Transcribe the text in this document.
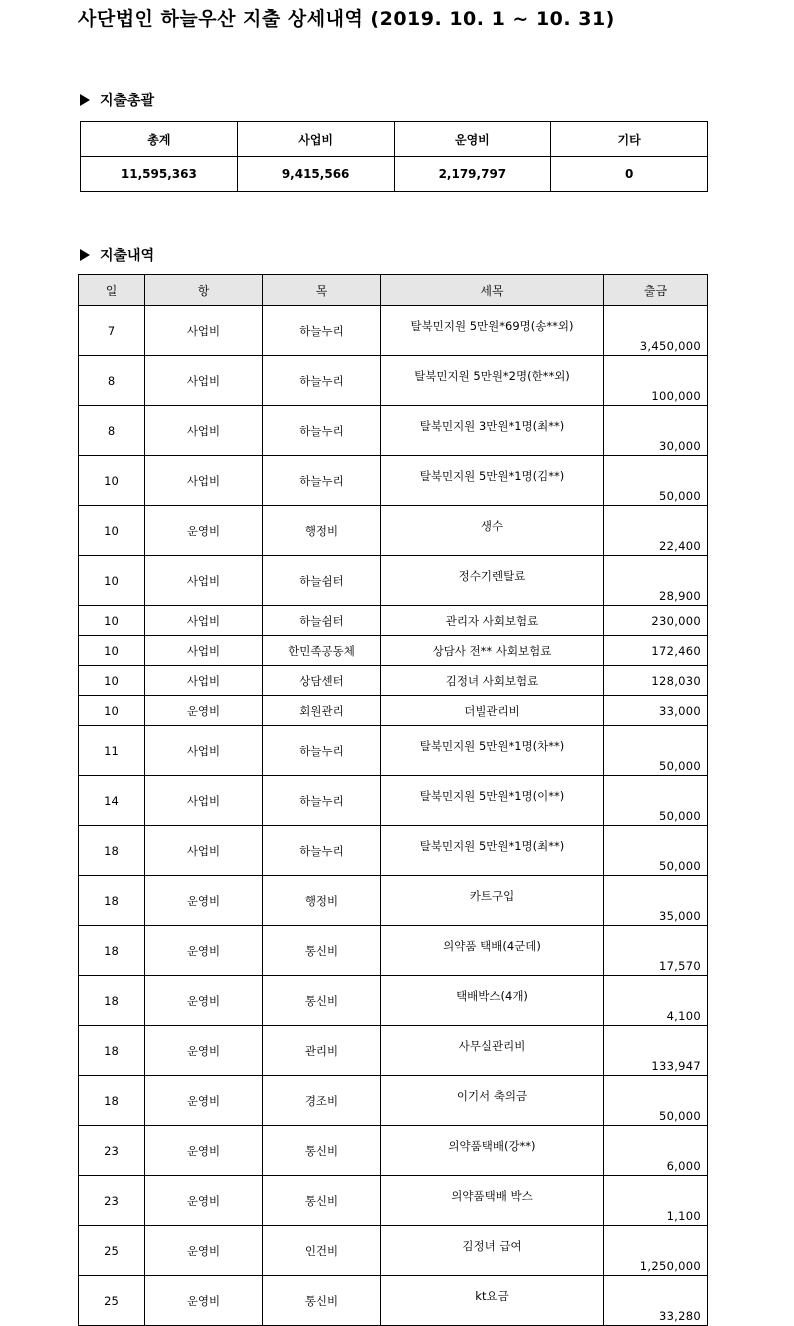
사단법인 하늘우산 지출 상세내역 (2019. 10. 1 ~ 10. 31)
지출총괄
총계	사업비	운영비	기타
11,595,363	9,415,566	2,179,797	0
지출내역
일	항	목	세목	출금
7	사업비	하늘누리	탈북민지원 5만원*69명(송**외)	3,450,000
8	사업비	하늘누리	탈북민지원 5만원*2명(한**외)	100,000
8	사업비	하늘누리	탈북민지원 3만원*1명(최**)	30,000
10	사업비	하늘누리	탈북민지원 5만원*1명(김**)	50,000
10	운영비	행정비	생수	22,400
10	사업비	하늘쉼터	정수기렌탈료	28,900
10	사업비	하늘쉼터	관리자 사회보험료	230,000
10	사업비	한민족공동체	상담사 전** 사회보험료	172,460
10	사업비	상담센터	김정녀 사회보험료	128,030
10	운영비	회원관리	더빌관리비	33,000
11	사업비	하늘누리	탈북민지원 5만원*1명(차**)	50,000
14	사업비	하늘누리	탈북민지원 5만원*1명(이**)	50,000
18	사업비	하늘누리	탈북민지원 5만원*1명(최**)	50,000
18	운영비	행정비	카트구입	35,000
18	운영비	통신비	의약품 택배(4군데)	17,570
18	운영비	통신비	택배박스(4개)	4,100
18	운영비	관리비	사무실관리비	133,947
18	운영비	경조비	이기서 축의금	50,000
23	운영비	통신비	의약품택배(강**)	6,000
23	운영비	통신비	의약품택배 박스	1,100
25	운영비	인건비	김정녀 급여	1,250,000
25	운영비	통신비	kt요금	33,280
